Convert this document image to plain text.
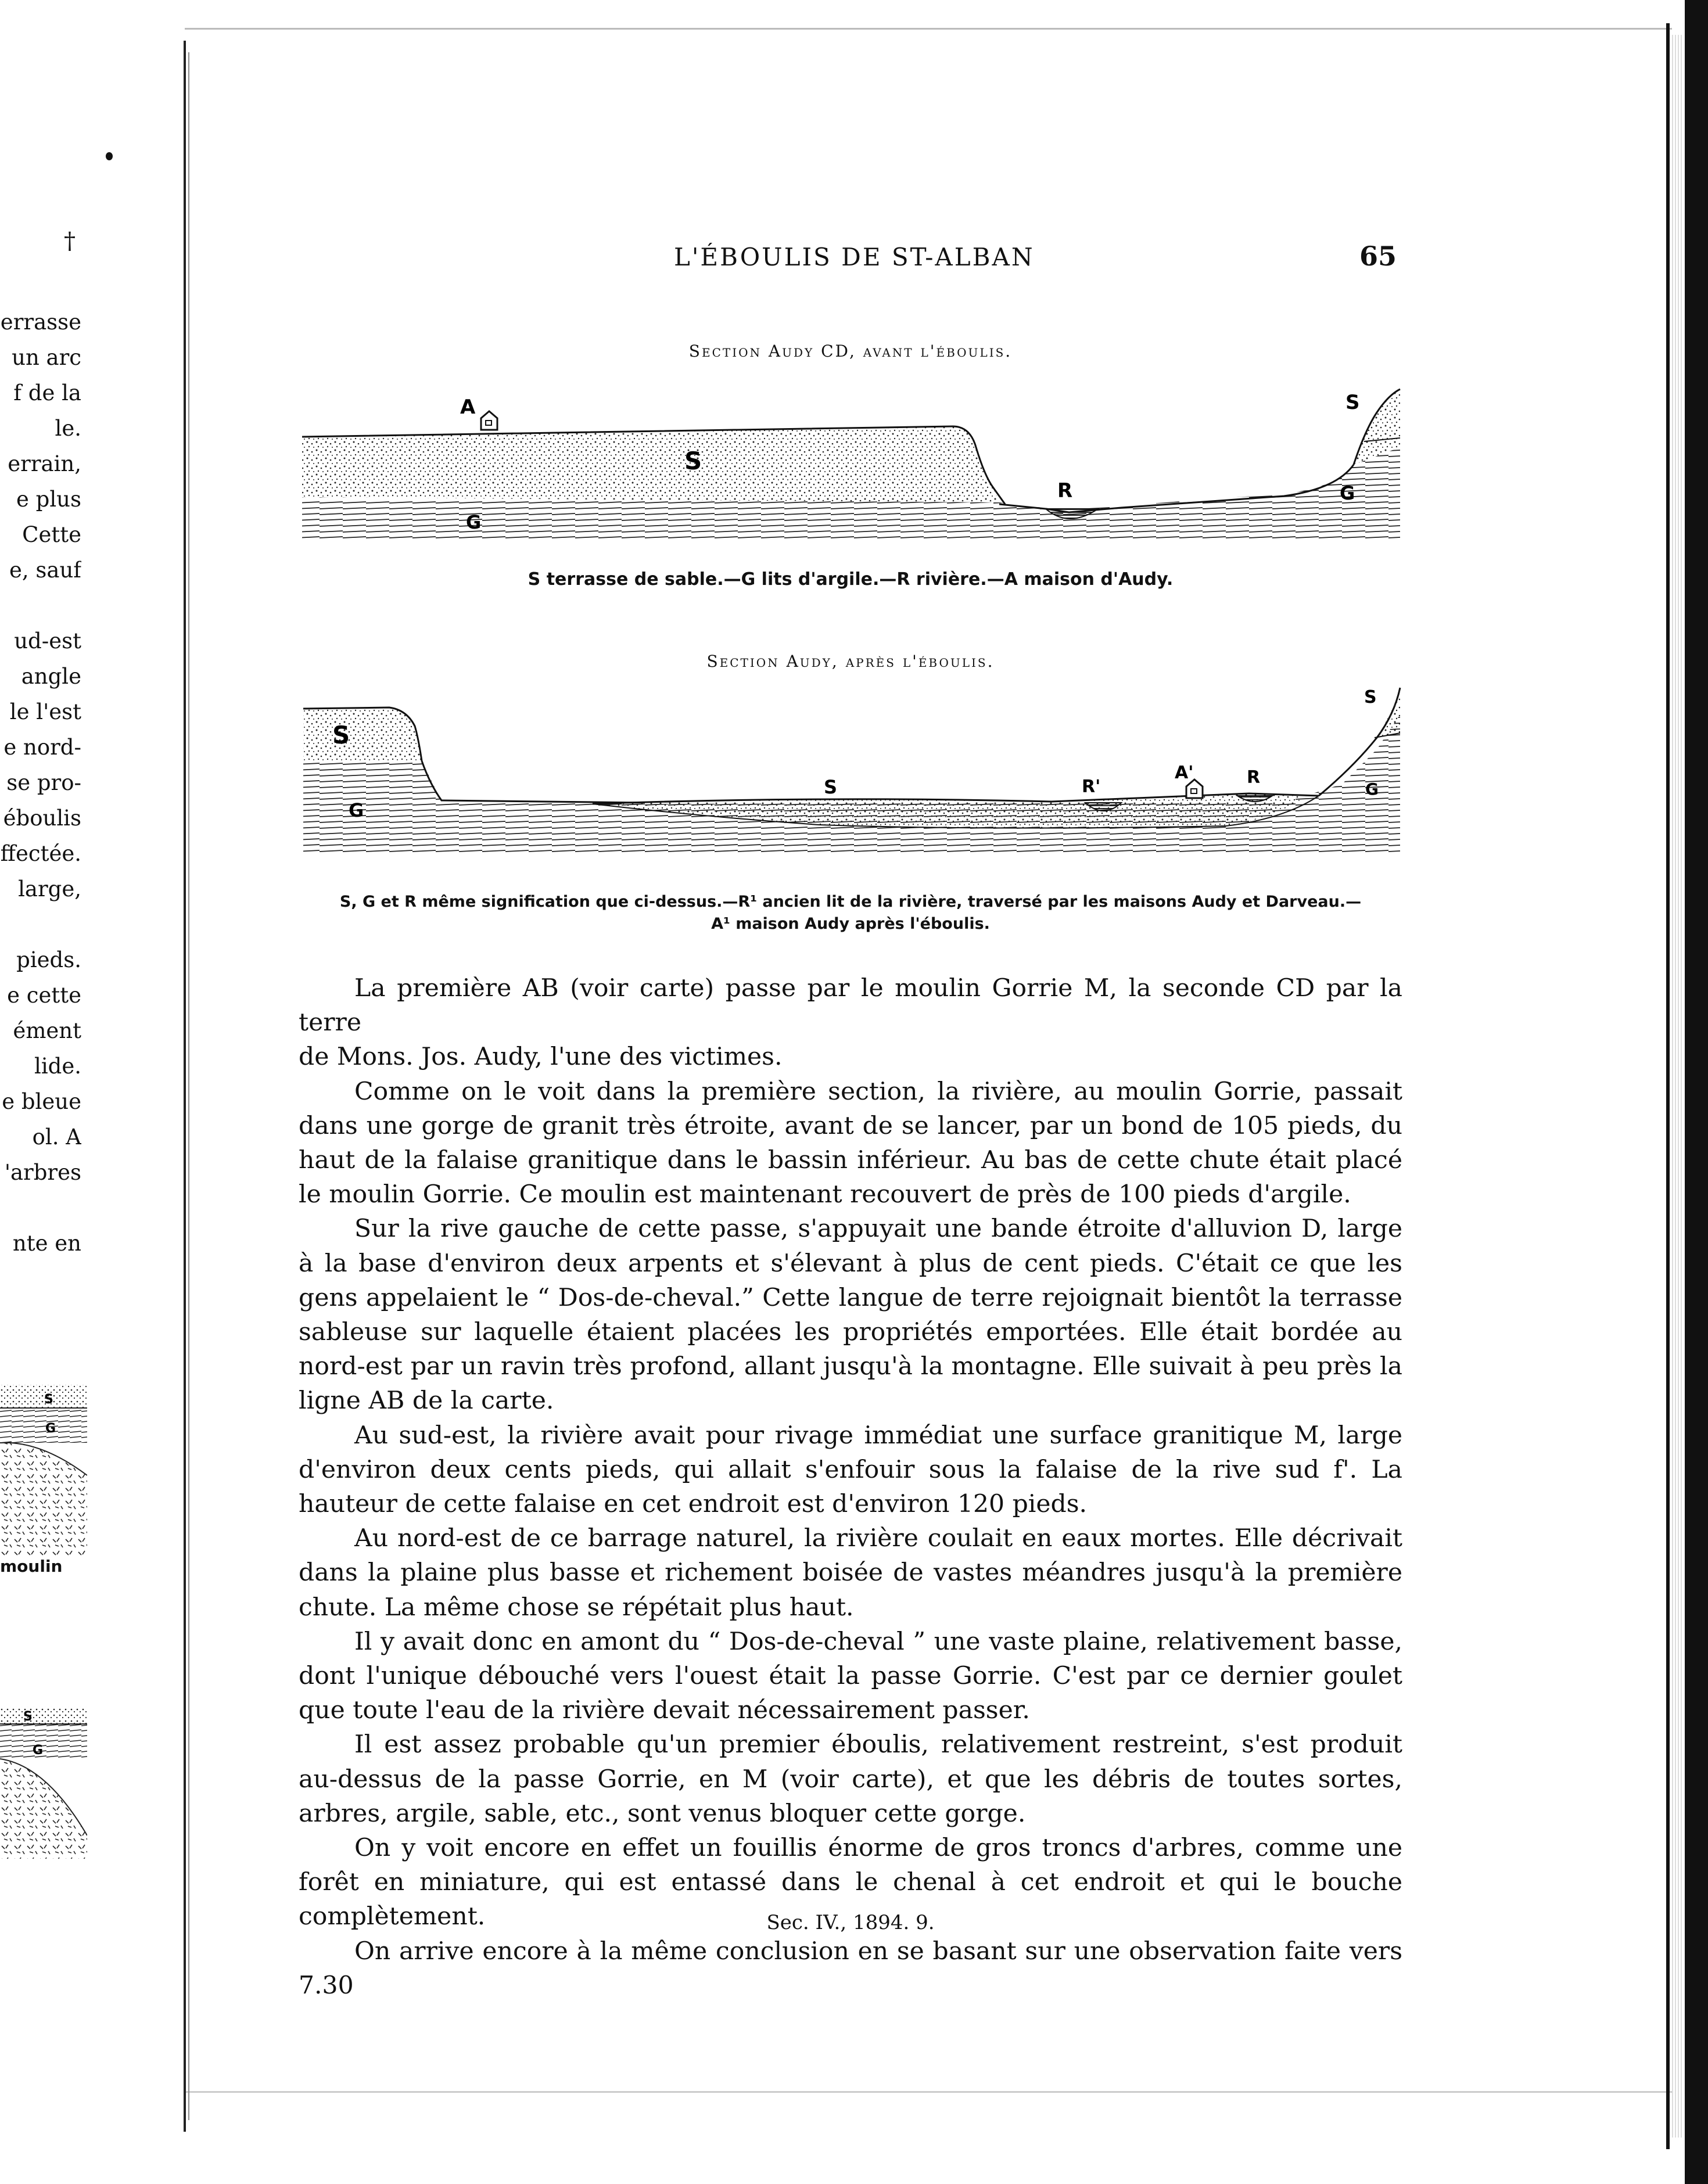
errasse
un arc
f de la
le.
errain,
e plus
Cette
e, sauf

ud-est
angle
le l'est
e nord-
se pro-
éboulis
ffectée.
large,

pieds.
e cette
ément
lide.
e bleue
ol. A
'arbres

nte en
†
S
G
moulin
S
G
L'ÉBOULIS DE ST-ALBAN	65
Section Audy CD, avant l'éboulis.
A
S
R
S
G
G
S terrasse de sable.—G lits d'argile.—R rivière.—A maison d'Audy.
Section Audy, après l'éboulis.
S
G
S	R'
A'	R
S
G
S, G et R même signification que ci-dessus.—R¹ ancien lit de la rivière, traversé par les maisons Audy et Darveau.—
A¹ maison Audy après l'éboulis.

La première AB (voir carte) passe par le moulin Gorrie M, la seconde CD par la terre

de Mons. Jos. Audy, l'une des victimes.

Comme on le voit dans la première section, la rivière, au moulin Gorrie, passait dans une gorge de granit très étroite, avant de se lancer, par un bond de 105 pieds, du haut de la falaise granitique dans le bassin inférieur. Au bas de cette chute était placé le moulin Gorrie. Ce moulin est maintenant recouvert de près de 100 pieds d'argile.

Sur la rive gauche de cette passe, s'appuyait une bande étroite d'alluvion D, large à la base d'environ deux arpents et s'élevant à plus de cent pieds. C'était ce que les gens appelaient le “ Dos-de-cheval.” Cette langue de terre rejoignait bientôt la terrasse sableuse sur laquelle étaient placées les propriétés emportées. Elle était bordée au nord-est par un ravin très profond, allant jusqu'à la montagne. Elle suivait à peu près la ligne AB de la carte.

Au sud-est, la rivière avait pour rivage immédiat une surface granitique M, large d'environ deux cents pieds, qui allait s'enfouir sous la falaise de la rive sud f'. La hauteur de cette falaise en cet endroit est d'environ 120 pieds.

Au nord-est de ce barrage naturel, la rivière coulait en eaux mortes. Elle décrivait dans la plaine plus basse et richement boisée de vastes méandres jusqu'à la première chute. La même chose se répétait plus haut.

Il y avait donc en amont du “ Dos-de-cheval ” une vaste plaine, relativement basse, dont l'unique débouché vers l'ouest était la passe Gorrie. C'est par ce dernier goulet que toute l'eau de la rivière devait nécessairement passer.

Il est assez probable qu'un premier éboulis, relativement restreint, s'est produit au-dessus de la passe Gorrie, en M (voir carte), et que les débris de toutes sortes, arbres, argile, sable, etc., sont venus bloquer cette gorge.

On y voit encore en effet un fouillis énorme de gros troncs d'arbres, comme une forêt en miniature, qui est entassé dans le chenal à cet endroit et qui le bouche complètement.

On arrive encore à la même conclusion en se basant sur une observation faite vers 7.30

Sec. IV., 1894. 9.
